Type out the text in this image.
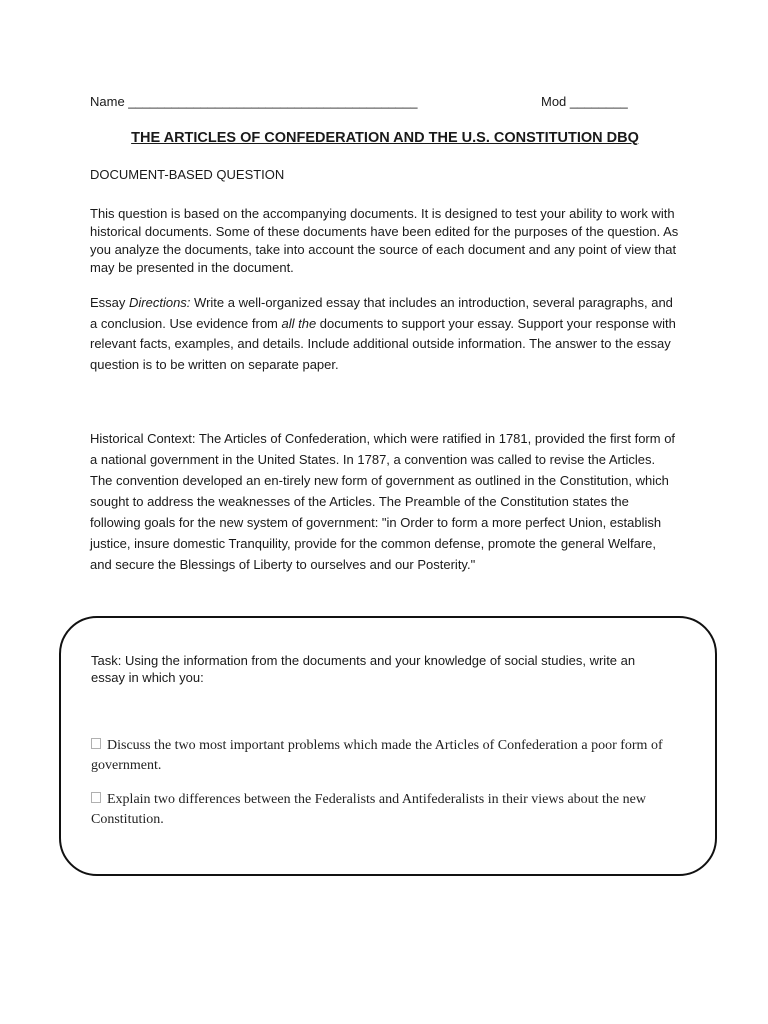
Name ________________________________________	Mod ________
THE ARTICLES OF CONFEDERATION AND THE U.S. CONSTITUTION DBQ
DOCUMENT-BASED QUESTION
This question is based on the accompanying documents. It is designed to test your ability to work with historical documents. Some of these documents have been edited for the purposes of the question. As you analyze the documents, take into account the source of each document and any point of view that may be presented in the document.
Essay Directions: Write a well-organized essay that includes an introduction, several paragraphs, and a conclusion. Use evidence from all the documents to support your essay. Support your response with relevant facts, examples, and details. Include additional outside information. The answer to the essay question is to be written on separate paper.
Historical Context: The Articles of Confederation, which were ratified in 1781, provided the first form of a national government in the United States. In 1787, a convention was called to revise the Articles. The convention developed an en-tirely new form of government as outlined in the Constitution, which sought to address the weaknesses of the Articles. The Preamble of the Constitution states the following goals for the new system of government: "in Order to form a more perfect Union, establish justice, insure domestic Tranquility, provide for the common defense, promote the general Welfare, and secure the Blessings of Liberty to ourselves and our Posterity."
Task: Using the information from the documents and your knowledge of social studies, write an essay in which you:
Discuss the two most important problems which made the Articles of Confederation a poor form of government.
Explain two differences between the Federalists and Antifederalists in their views about the new Constitution.
